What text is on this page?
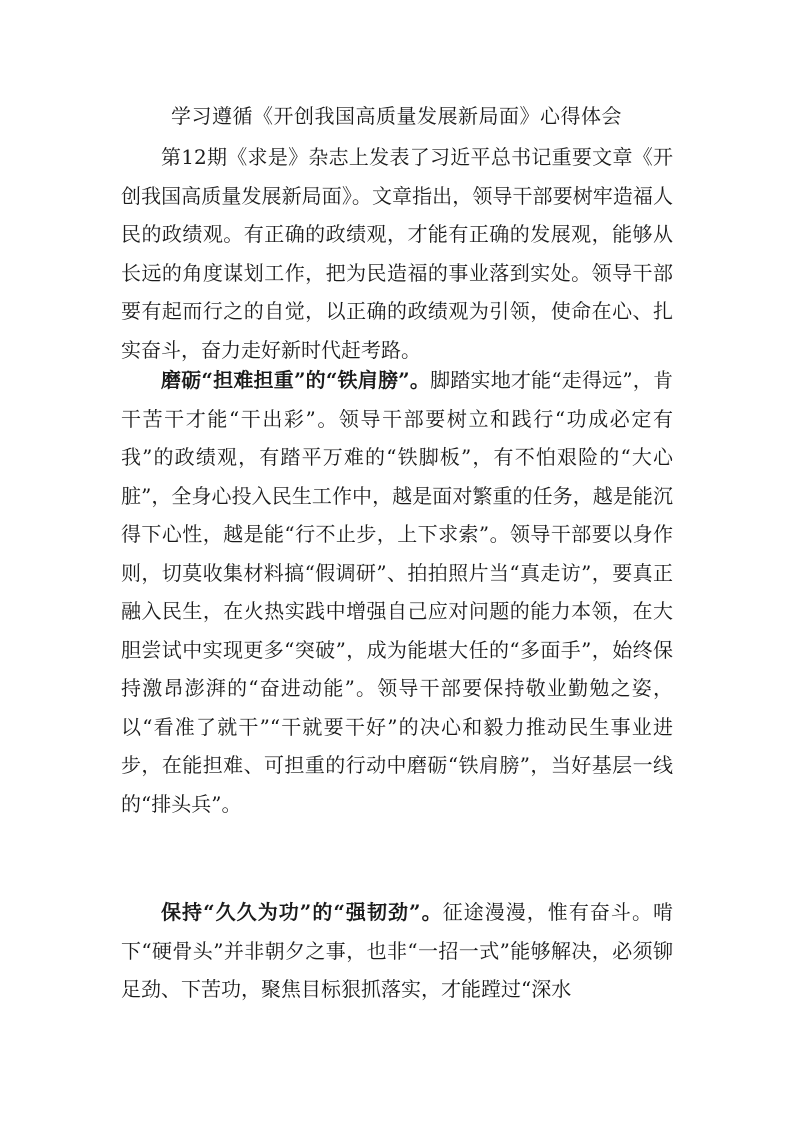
学习遵循《开创我国高质量发展新局面》心得体会

第12期《求是》杂志上发表了习近平总书记重要文章《开创我国高质量发展新局面》。文章指出，领导干部要树牢造福人民的政绩观。有正确的政绩观，才能有正确的发展观，能够从长远的角度谋划工作，把为民造福的事业落到实处。领导干部要有起而行之的自觉，以正确的政绩观为引领，使命在心、扎实奋斗，奋力走好新时代赶考路。

磨砺“担难担重”的“铁肩膀”。脚踏实地才能“走得远”，肯干苦干才能“干出彩”。领导干部要树立和践行“功成必定有我”的政绩观，有踏平万难的“铁脚板”，有不怕艰险的“大心脏”，全身心投入民生工作中，越是面对繁重的任务，越是能沉得下心性，越是能“行不止步，上下求索”。领导干部要以身作则，切莫收集材料搞“假调研”、拍拍照片当“真走访”，要真正融入民生，在火热实践中增强自己应对问题的能力本领，在大胆尝试中实现更多“突破”，成为能堪大任的“多面手”，始终保持激昂澎湃的“奋进动能”。领导干部要保持敬业勤勉之姿，以“看准了就干”“干就要干好”的决心和毅力推动民生事业进步，在能担难、可担重的行动中磨砺“铁肩膀”，当好基层一线的“排头兵”。

保持“久久为功”的“强韧劲”。征途漫漫，惟有奋斗。啃下“硬骨头”并非朝夕之事，也非“一招一式”能够解决，必须铆足劲、下苦功，聚焦目标狠抓落实，才能蹚过“深水
